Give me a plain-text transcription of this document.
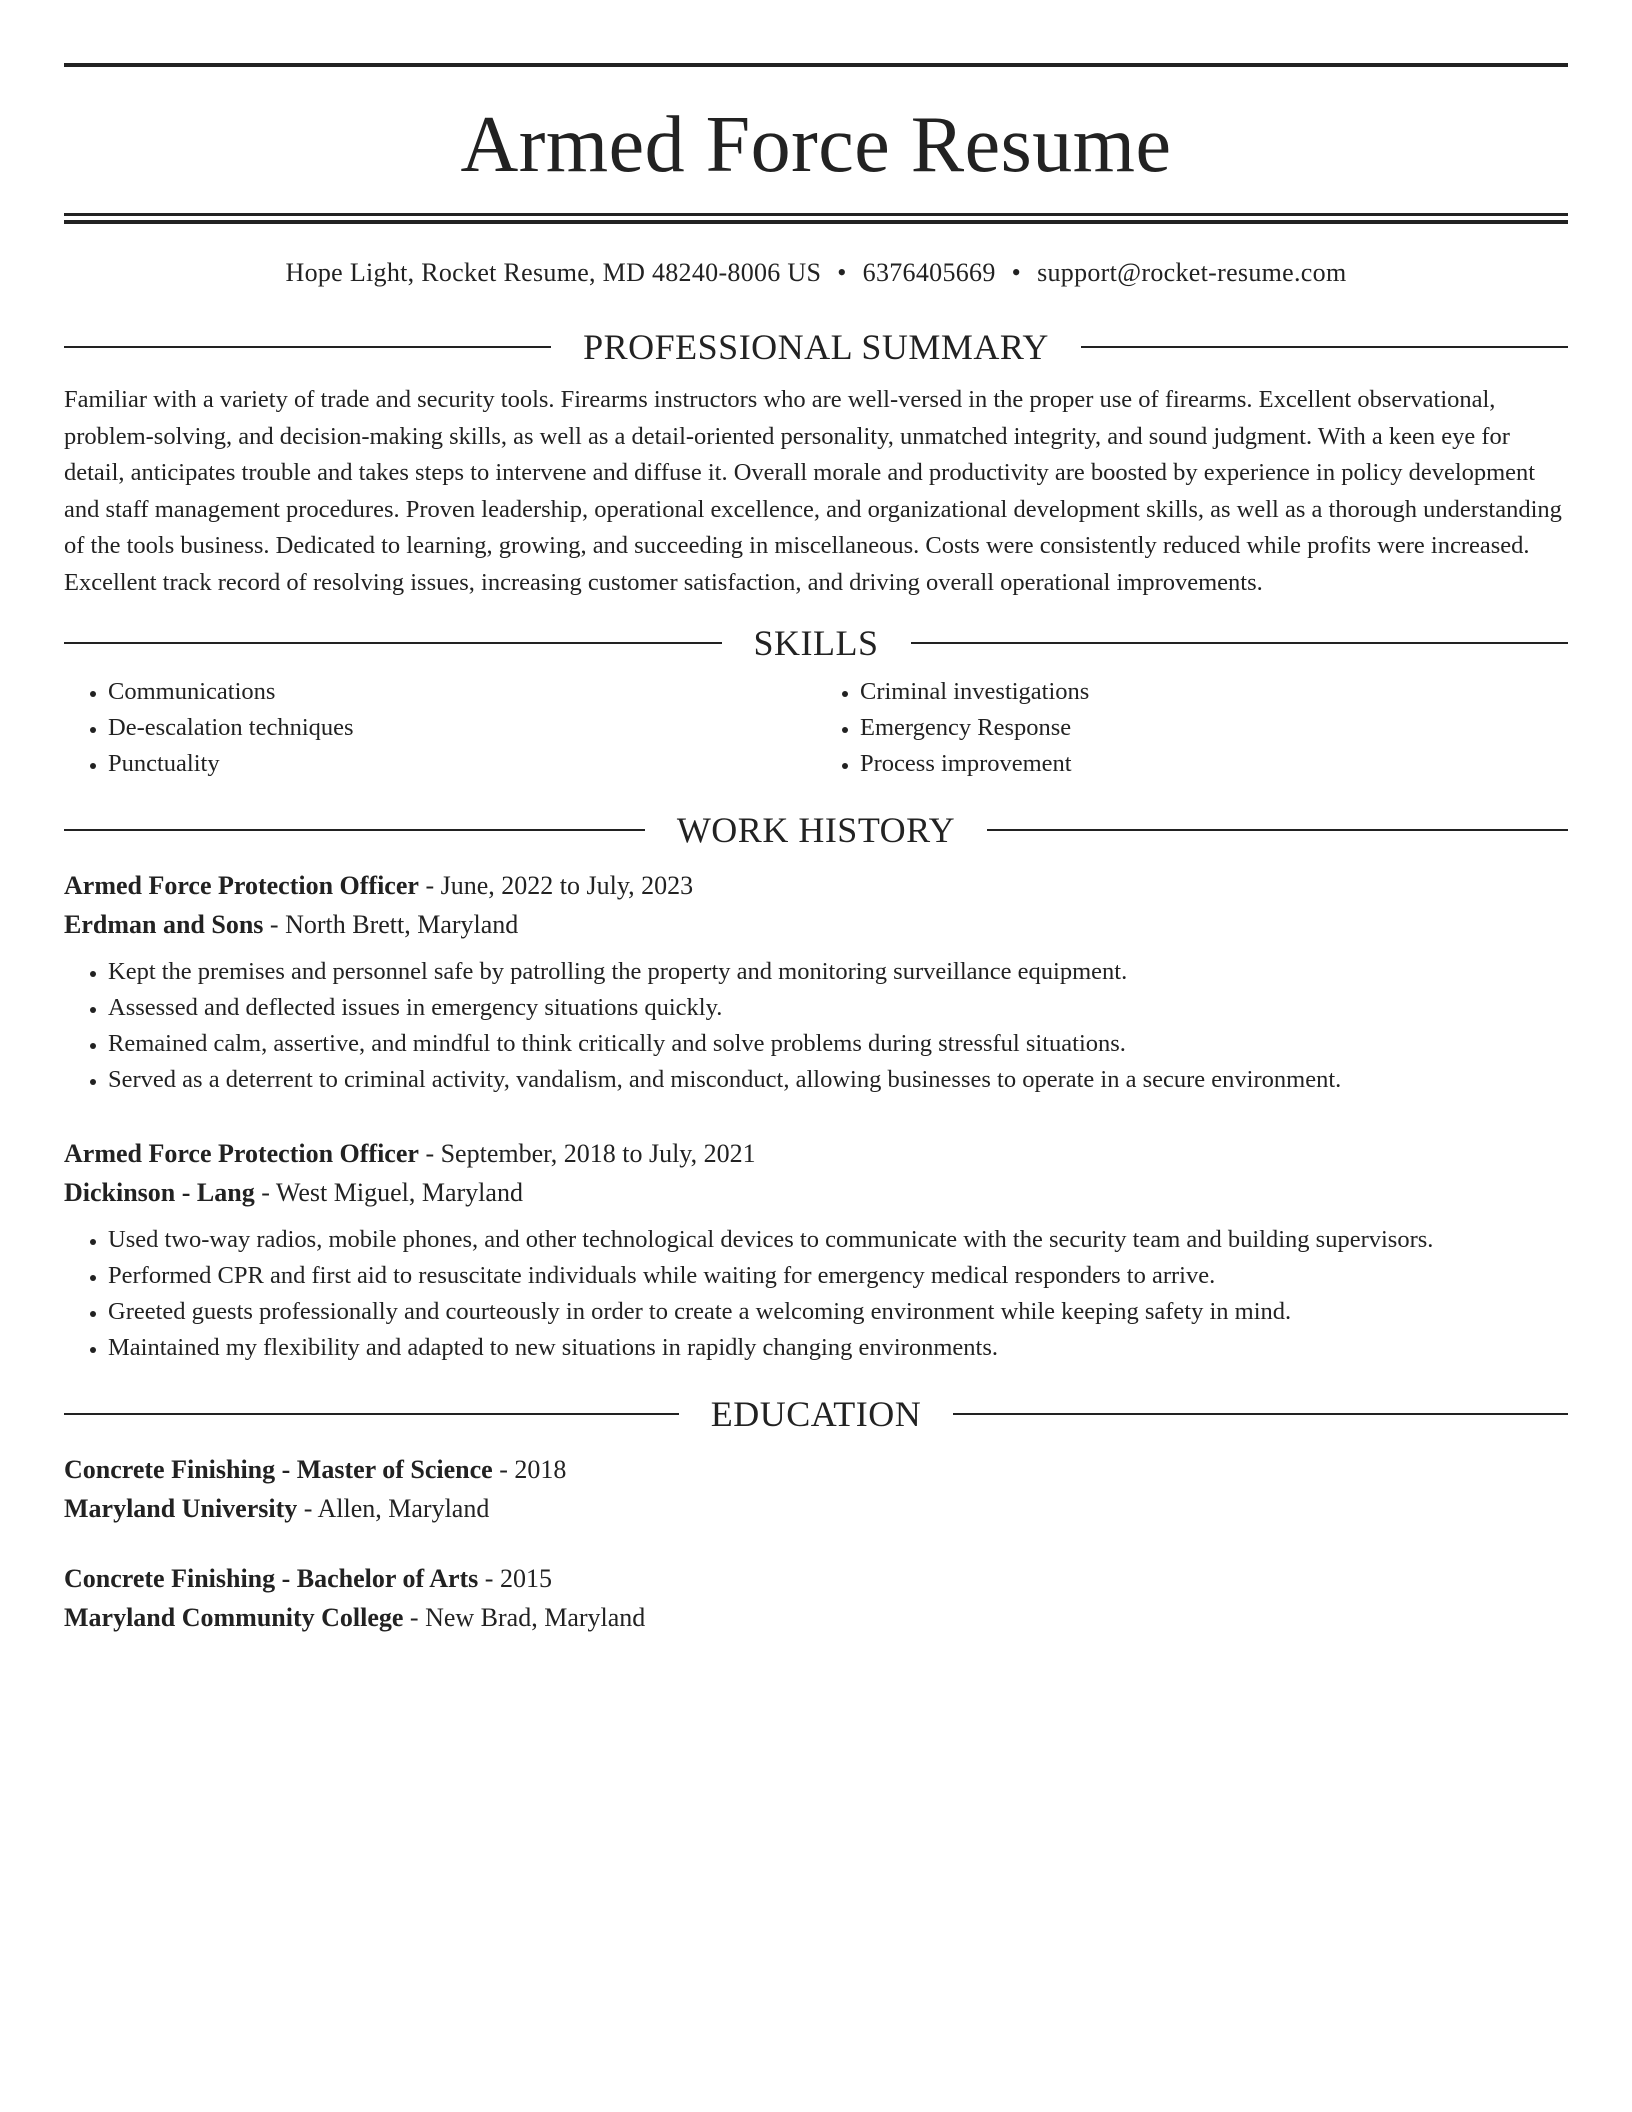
Armed Force Resume
Hope Light, Rocket Resume, MD 48240-8006 US • 6376405669 • support@rocket-resume.com
PROFESSIONAL SUMMARY

Familiar with a variety of trade and security tools. Firearms instructors who are well-versed in the proper use of firearms. Excellent observational, problem-solving, and decision-making skills, as well as a detail-oriented personality, unmatched integrity, and sound judgment. With a keen eye for detail, anticipates trouble and takes steps to intervene and diffuse it. Overall morale and productivity are boosted by experience in policy development and staff management procedures. Proven leadership, operational excellence, and organizational development skills, as well as a thorough understanding of the tools business. Dedicated to learning, growing, and succeeding in miscellaneous. Costs were consistently reduced while profits were increased. Excellent track record of resolving issues, increasing customer satisfaction, and driving overall operational improvements.

SKILLS
• Communications
• De-escalation techniques
• Punctuality
• Criminal investigations
• Emergency Response
• Process improvement
WORK HISTORY
Armed Force Protection Officer - June, 2022 to July, 2023
Erdman and Sons - North Brett, Maryland
• Kept the premises and personnel safe by patrolling the property and monitoring surveillance equipment.
• Assessed and deflected issues in emergency situations quickly.
• Remained calm, assertive, and mindful to think critically and solve problems during stressful situations.
• Served as a deterrent to criminal activity, vandalism, and misconduct, allowing businesses to operate in a secure environment.
Armed Force Protection Officer - September, 2018 to July, 2021
Dickinson - Lang - West Miguel, Maryland
• Used two-way radios, mobile phones, and other technological devices to communicate with the security team and building supervisors.
• Performed CPR and first aid to resuscitate individuals while waiting for emergency medical responders to arrive.
• Greeted guests professionally and courteously in order to create a welcoming environment while keeping safety in mind.
• Maintained my flexibility and adapted to new situations in rapidly changing environments.
EDUCATION
Concrete Finishing - Master of Science - 2018
Maryland University - Allen, Maryland
Concrete Finishing - Bachelor of Arts - 2015
Maryland Community College - New Brad, Maryland
